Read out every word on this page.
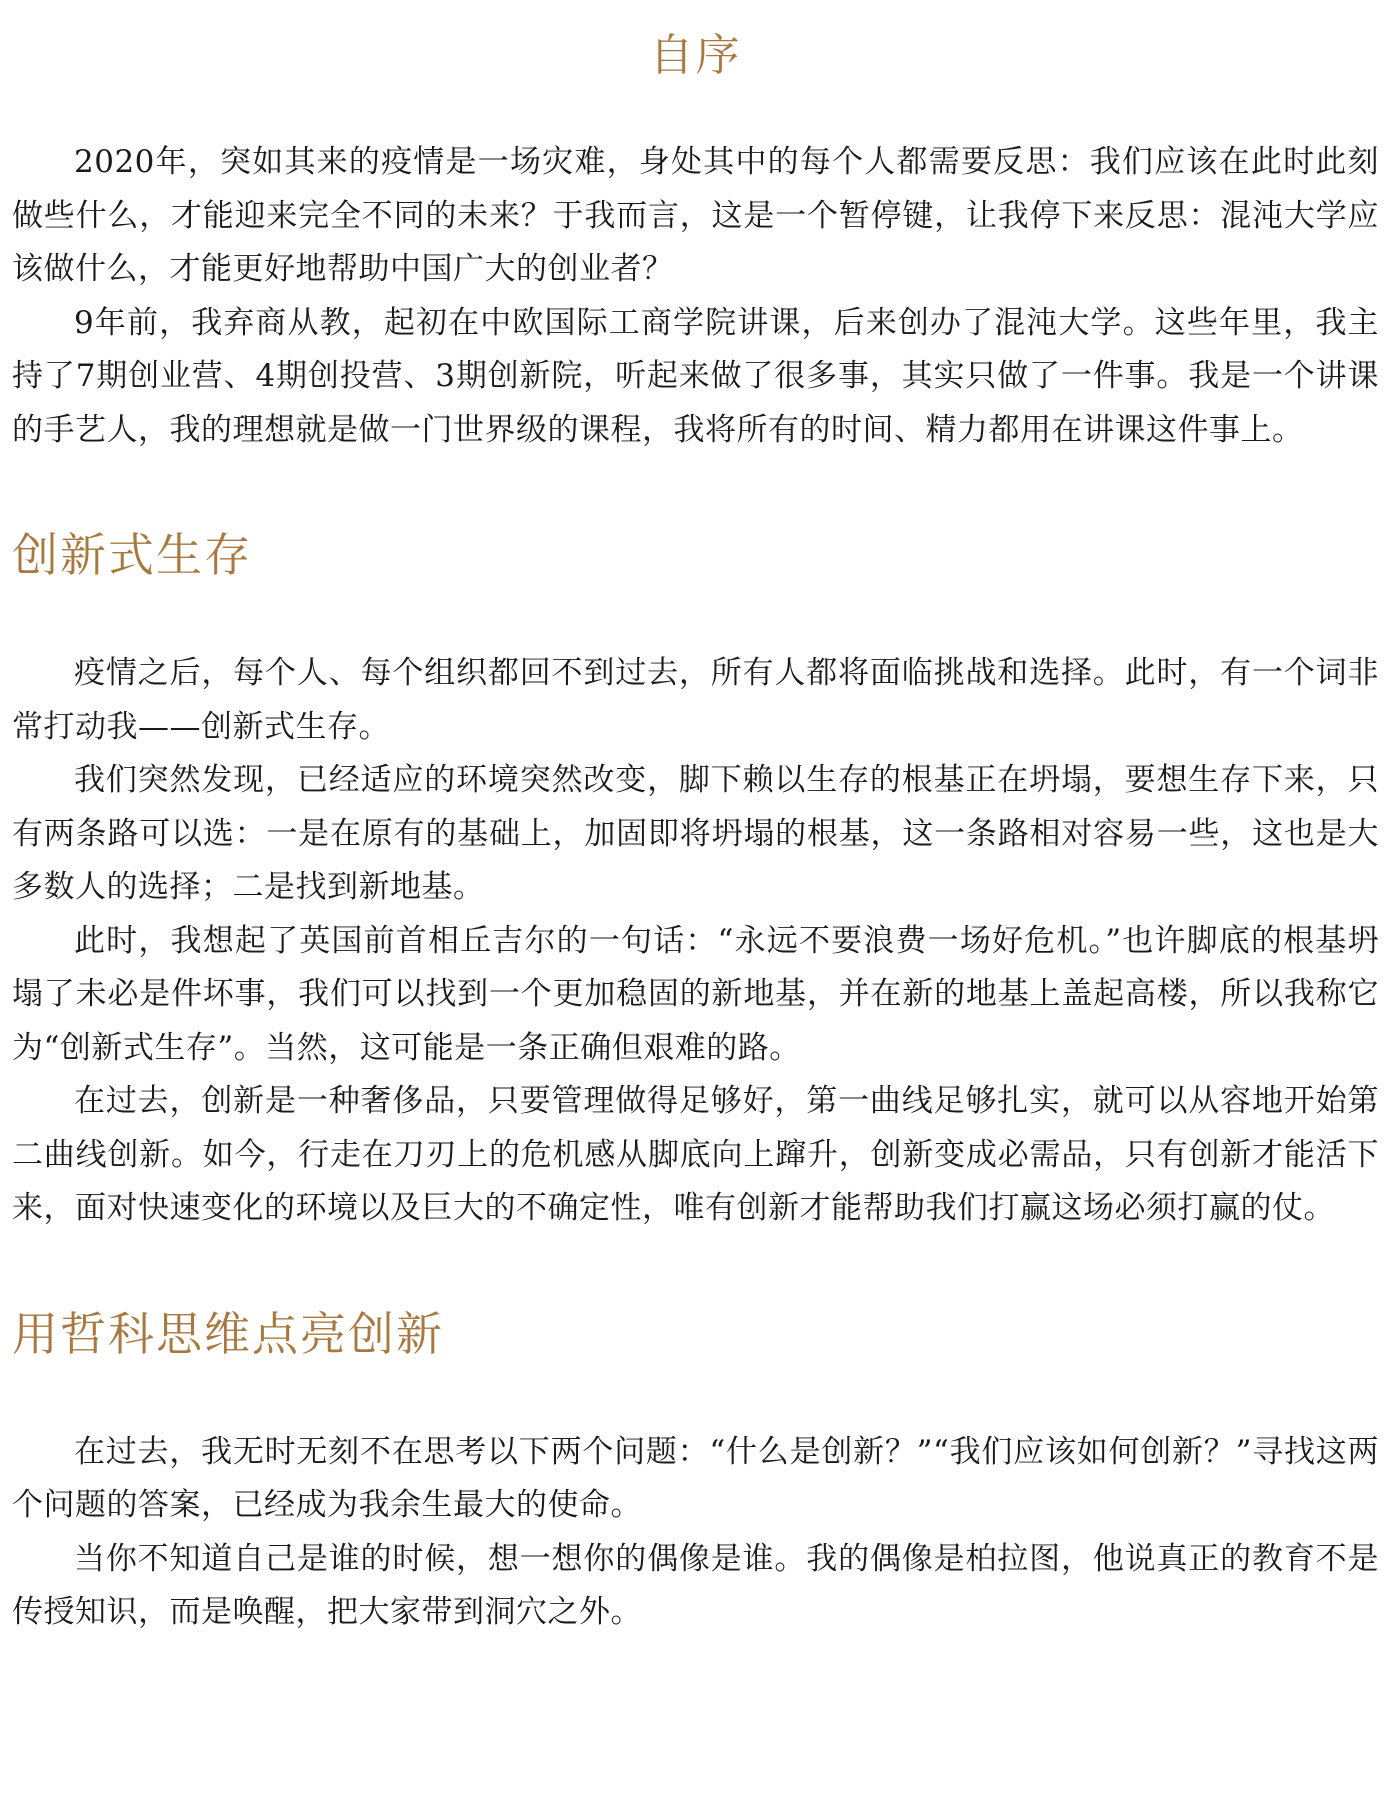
自序

2020年，突如其来的疫情是一场灾难，身处其中的每个人都需要反思：我们应该在此时此刻做些什么，才能迎来完全不同的未来？于我而言，这是一个暂停键，让我停下来反思：混沌大学应该做什么，才能更好地帮助中国广大的创业者？

9年前，我弃商从教，起初在中欧国际工商学院讲课，后来创办了混沌大学。这些年里，我主持了7期创业营、4期创投营、3期创新院，听起来做了很多事，其实只做了一件事。我是一个讲课的手艺人，我的理想就是做一门世界级的课程，我将所有的时间、精力都用在讲课这件事上。

创新式生存

疫情之后，每个人、每个组织都回不到过去，所有人都将面临挑战和选择。此时，有一个词非常打动我——创新式生存。

我们突然发现，已经适应的环境突然改变，脚下赖以生存的根基正在坍塌，要想生存下来，只有两条路可以选：一是在原有的基础上，加固即将坍塌的根基，这一条路相对容易一些，这也是大多数人的选择；二是找到新地基。

此时，我想起了英国前首相丘吉尔的一句话：“永远不要浪费一场好危机。”也许脚底的根基坍塌了未必是件坏事，我们可以找到一个更加稳固的新地基，并在新的地基上盖起高楼，所以我称它为“创新式生存”。当然，这可能是一条正确但艰难的路。

在过去，创新是一种奢侈品，只要管理做得足够好，第一曲线足够扎实，就可以从容地开始第二曲线创新。如今，行走在刀刃上的危机感从脚底向上蹿升，创新变成必需品，只有创新才能活下来，面对快速变化的环境以及巨大的不确定性，唯有创新才能帮助我们打赢这场必须打赢的仗。

用哲科思维点亮创新

在过去，我无时无刻不在思考以下两个问题：“什么是创新？”“我们应该如何创新？”寻找这两个问题的答案，已经成为我余生最大的使命。

当你不知道自己是谁的时候，想一想你的偶像是谁。我的偶像是柏拉图，他说真正的教育不是传授知识，而是唤醒，把大家带到洞穴之外。
